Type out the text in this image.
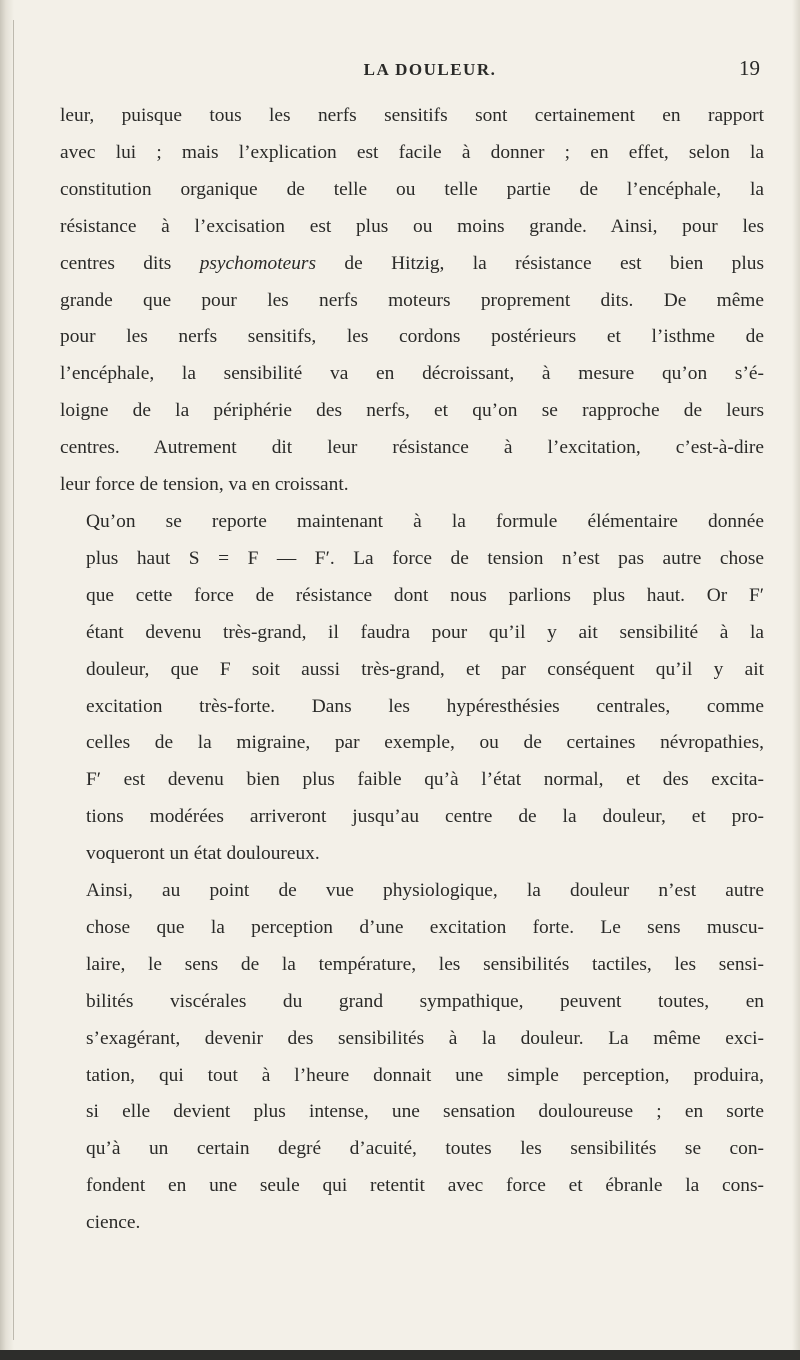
LA DOULEUR.	19

leur, puisque tous les nerfs sensitifs sont certainement en rapport
avec lui ; mais l’explication est facile à donner ; en effet, selon la
constitution organique de telle ou telle partie de l’encéphale, la
résistance à l’excisation est plus ou moins grande. Ainsi, pour les
centres dits psychomoteurs de Hitzig, la résistance est bien plus
grande que pour les nerfs moteurs proprement dits. De même
pour les nerfs sensitifs, les cordons postérieurs et l’isthme de
l’encéphale, la sensibilité va en décroissant, à mesure qu’on s’é-
loigne de la périphérie des nerfs, et qu’on se rapproche de leurs
centres. Autrement dit leur résistance à l’excitation, c’est-à-dire
leur force de tension, va en croissant.

Qu’on se reporte maintenant à la formule élémentaire donnée
plus haut S = F — F′. La force de tension n’est pas autre chose
que cette force de résistance dont nous parlions plus haut. Or F′
étant devenu très-grand, il faudra pour qu’il y ait sensibilité à la
douleur, que F soit aussi très-grand, et par conséquent qu’il y ait
excitation très-forte. Dans les hypéresthésies centrales, comme
celles de la migraine, par exemple, ou de certaines névropathies,
F′ est devenu bien plus faible qu’à l’état normal, et des excita-
tions modérées arriveront jusqu’au centre de la douleur, et pro-
voqueront un état douloureux.

Ainsi, au point de vue physiologique, la douleur n’est autre
chose que la perception d’une excitation forte. Le sens muscu-
laire, le sens de la température, les sensibilités tactiles, les sensi-
bilités viscérales du grand sympathique, peuvent toutes, en
s’exagérant, devenir des sensibilités à la douleur. La même exci-
tation, qui tout à l’heure donnait une simple perception, produira,
si elle devient plus intense, une sensation douloureuse ; en sorte
qu’à un certain degré d’acuité, toutes les sensibilités se con-
fondent en une seule qui retentit avec force et ébranle la cons-
cience.
